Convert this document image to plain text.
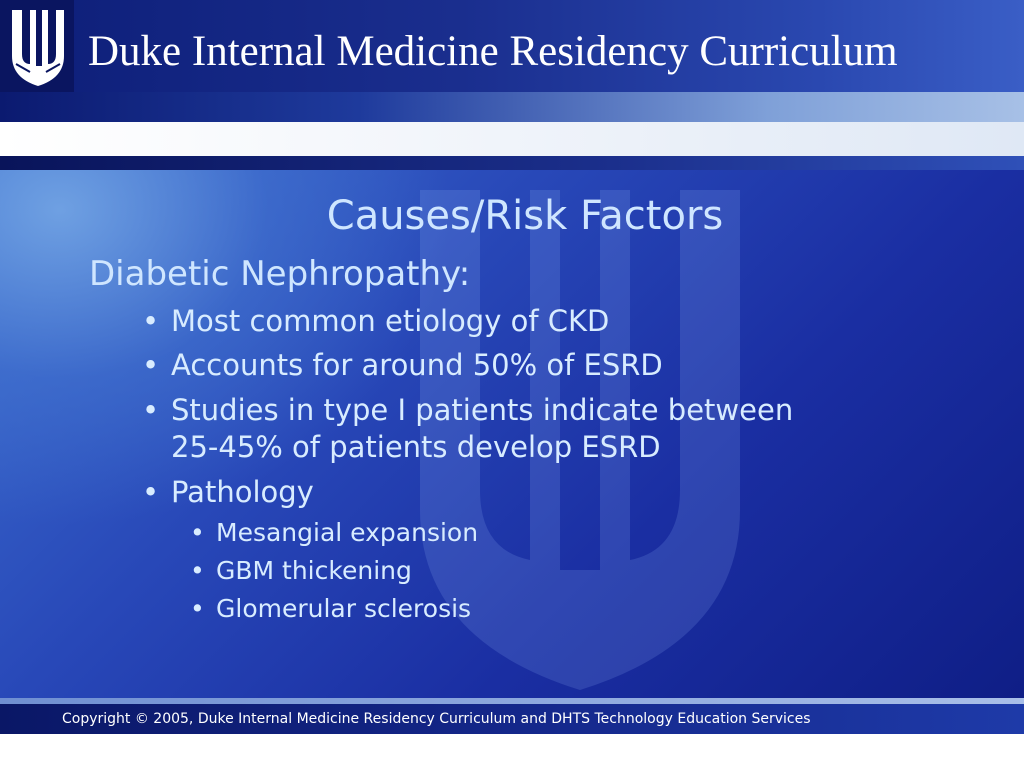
Duke Internal Medicine Residency Curriculum
Causes/Risk Factors
Diabetic Nephropathy:
• Most common etiology of CKD
• Accounts for around 50% of ESRD
• Studies in type I patients indicate between
25-45% of patients develop ESRD
• Pathology
• Mesangial expansion
• GBM thickening
• Glomerular sclerosis
Copyright © 2005, Duke Internal Medicine Residency Curriculum and DHTS Technology Education Services
